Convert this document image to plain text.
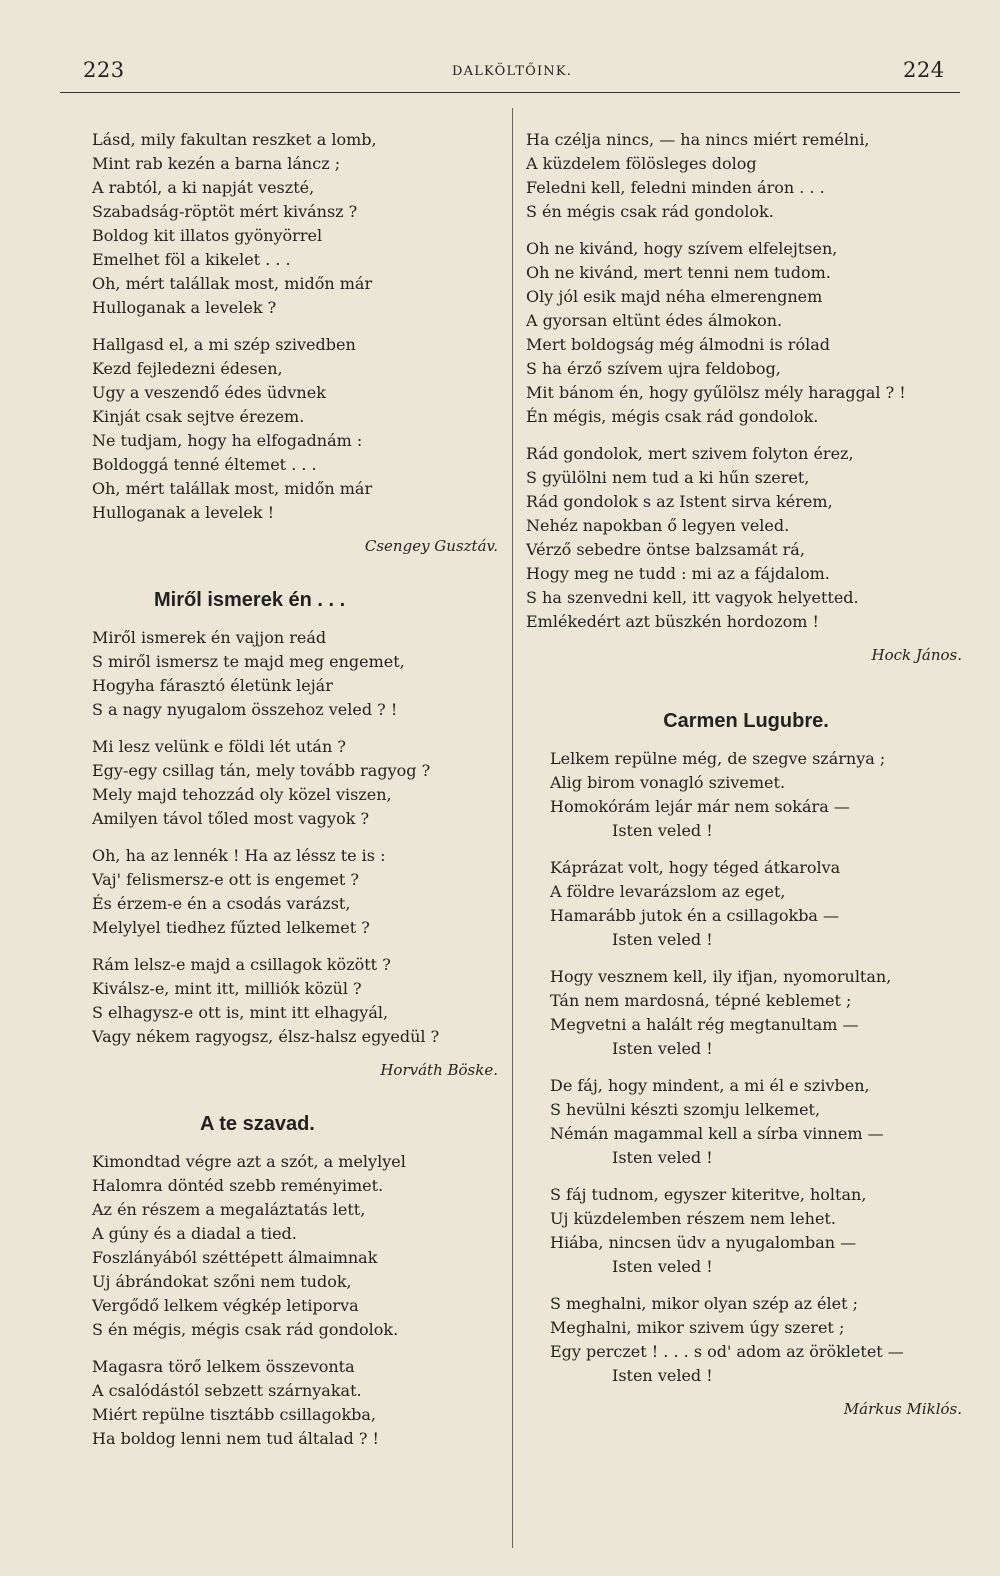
223	DALKÖLTŐINK.	224
Lásd, mily fakultan reszket a lomb,
Mint rab kezén a barna láncz ;
A rabtól, a ki napját veszté,
Szabadság-röptöt mért kivánsz ?
Boldog kit illatos gyönyörrel
Emelhet föl a kikelet . . .
Oh, mért talállak most, midőn már
Hulloganak a levelek ?
Hallgasd el, a mi szép szivedben
Kezd fejledezni édesen,
Ugy a veszendő édes üdvnek
Kinját csak sejtve érezem.
Ne tudjam, hogy ha elfogadnám :
Boldoggá tenné éltemet . . .
Oh, mért talállak most, midőn már
Hulloganak a levelek !
Csengey Gusztáv.
Miről ismerek én . . .
Miről ismerek én vajjon reád
S miről ismersz te majd meg engemet,
Hogyha fárasztó életünk lejár
S a nagy nyugalom összehoz veled ? !
Mi lesz velünk e földi lét után ?
Egy-egy csillag tán, mely tovább ragyog ?
Mely majd tehozzád oly közel viszen,
Amilyen távol tőled most vagyok ?
Oh, ha az lennék ! Ha az léssz te is :
Vaj' felismersz-e ott is engemet ?
És érzem-e én a csodás varázst,
Melylyel tiedhez fűzted lelkemet ?
Rám lelsz-e majd a csillagok között ?
Kiválsz-e, mint itt, milliók közül ?
S elhagysz-e ott is, mint itt elhagyál,
Vagy nékem ragyogsz, élsz-halsz egyedül ?
Horváth Böske.
A te szavad.
Kimondtad végre azt a szót, a melylyel
Halomra döntéd szebb reményimet.
Az én részem a megaláztatás lett,
A gúny és a diadal a tied.
Foszlányából széttépett álmaimnak
Uj ábrándokat szőni nem tudok,
Vergődő lelkem végkép letiporva
S én mégis, mégis csak rád gondolok.
Magasra törő lelkem összevonta
A csalódástól sebzett szárnyakat.
Miért repülne tisztább csillagokba,
Ha boldog lenni nem tud általad ? !
Ha czélja nincs, — ha nincs miért remélni,
A küzdelem fölösleges dolog
Feledni kell, feledni minden áron . . .
S én mégis csak rád gondolok.
Oh ne kivánd, hogy szívem elfelejtsen,
Oh ne kivánd, mert tenni nem tudom.
Oly jól esik majd néha elmerengnem
A gyorsan eltünt édes álmokon.
Mert boldogság még álmodni is rólad
S ha érző szívem ujra feldobog,
Mit bánom én, hogy gyűlölsz mély haraggal ? !
Én mégis, mégis csak rád gondolok.
Rád gondolok, mert szivem folyton érez,
S gyülölni nem tud a ki hűn szeret,
Rád gondolok s az Istent sirva kérem,
Nehéz napokban ő legyen veled.
Vérző sebedre öntse balzsamát rá,
Hogy meg ne tudd : mi az a fájdalom.
S ha szenvedni kell, itt vagyok helyetted.
Emlékedért azt büszkén hordozom !
Hock János.
Carmen Lugubre.
Lelkem repülne még, de szegve szárnya ;
Alig birom vonagló szivemet.
Homokórám lejár már nem sokára —
Isten veled !
Káprázat volt, hogy téged átkarolva
A földre levarázslom az eget,
Hamarább jutok én a csillagokba —
Isten veled !
Hogy vesznem kell, ily ifjan, nyomorultan,
Tán nem mardosná, tépné keblemet ;
Megvetni a halált rég megtanultam —
Isten veled !
De fáj, hogy mindent, a mi él e szivben,
S hevülni készti szomju lelkemet,
Némán magammal kell a sírba vinnem —
Isten veled !
S fáj tudnom, egyszer kiteritve, holtan,
Uj küzdelemben részem nem lehet.
Hiába, nincsen üdv a nyugalomban —
Isten veled !
S meghalni, mikor olyan szép az élet ;
Meghalni, mikor szivem úgy szeret ;
Egy perczet ! . . . s od' adom az örökletet —
Isten veled !
Márkus Miklós.
